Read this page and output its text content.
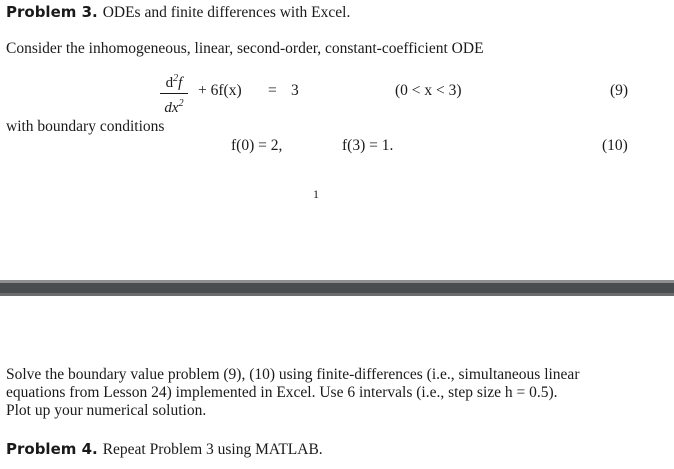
Problem 3. ODEs and finite differences with Excel.
Consider the inhomogeneous, linear, second-order, constant-coefficient ODE
$d^2f$
$dx^2$
+ 6f(x) = 3	(0 < x < 3)	(9)
with boundary conditions
f(0) = 2,	f(3) = 1.	(10)
1
Solve the boundary value problem (9), (10) using finite-differences (i.e., simultaneous linear
equations from Lesson 24) implemented in Excel. Use 6 intervals (i.e., step size h = 0.5).
Plot up your numerical solution.
Problem 4. Repeat Problem 3 using MATLAB.
